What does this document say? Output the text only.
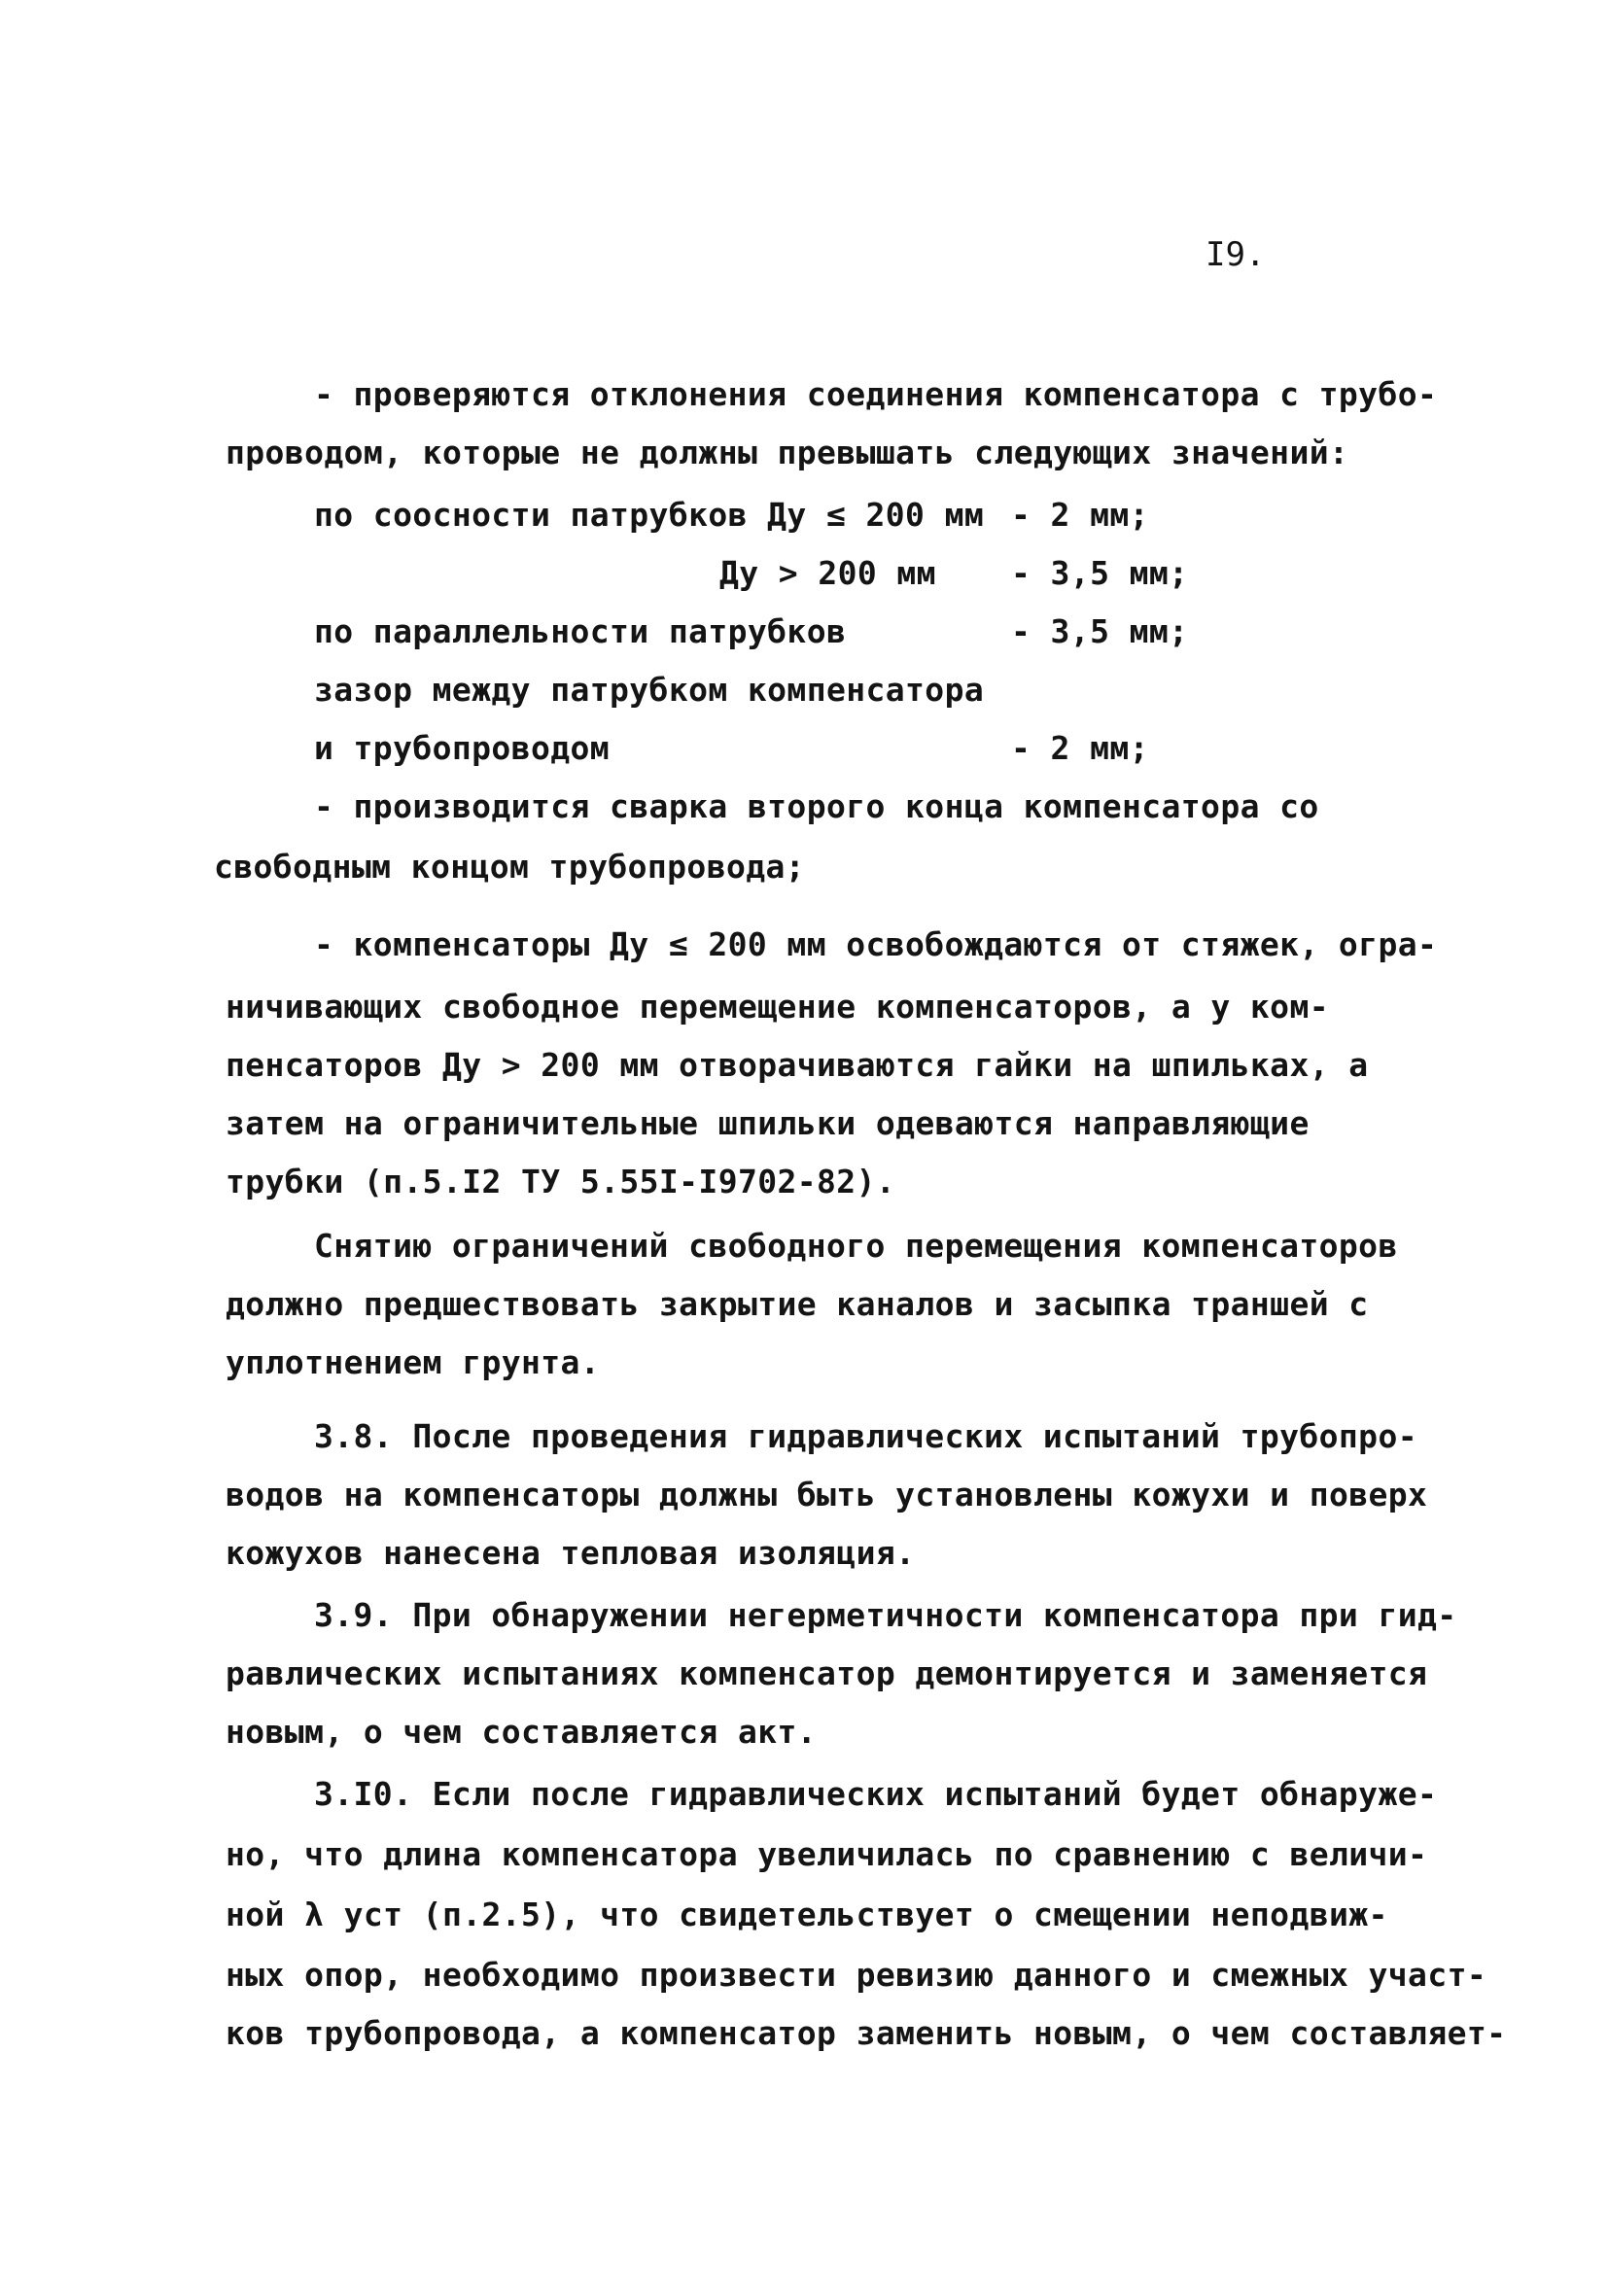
I9.
- проверяются отклонения соединения компенсатора с трубо-
проводом, которые не должны превышать следующих значений:
по соосности патрубков Ду ≤ 200 мм - 2 мм;
Ду > 200 мм - 3,5 мм;
по параллельности патрубков	- 3,5 мм;
зазор между патрубком компенсатора
и трубопроводом	- 2 мм;
- производится сварка второго конца компенсатора со
свободным концом трубопровода;
- компенсаторы Ду ≤ 200 мм освобождаются от стяжек, огра-
ничивающих свободное перемещение компенсаторов, а у ком-
пенсаторов Ду > 200 мм отворачиваются гайки на шпильках, а
затем на ограничительные шпильки одеваются направляющие
трубки (п.5.I2 ТУ 5.55I-I9702-82).
Снятию ограничений свободного перемещения компенсаторов
должно предшествовать закрытие каналов и засыпка траншей с
уплотнением грунта.
3.8. После проведения гидравлических испытаний трубопро-
водов на компенсаторы должны быть установлены кожухи и поверх
кожухов нанесена тепловая изоляция.
3.9. При обнаружении негерметичности компенсатора при гид-
равлических испытаниях компенсатор демонтируется и заменяется
новым, о чем составляется акт.
3.I0. Если после гидравлических испытаний будет обнаруже-
но, что длина компенсатора увеличилась по сравнению с величи-
ной λ уст (п.2.5), что свидетельствует о смещении неподвиж-
ных опор, необходимо произвести ревизию данного и смежных участ-
ков трубопровода, а компенсатор заменить новым, о чем составляет-
